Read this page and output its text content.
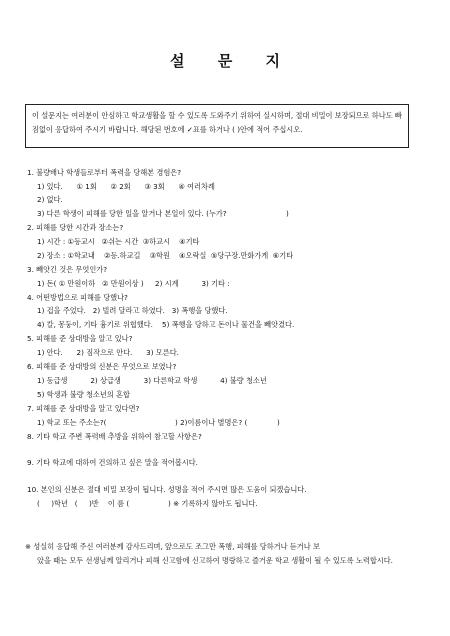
설 문 지
이 설문지는 여러분이 안심하고 학교생활을 할 수 있도록 도와주기 위하여 실시하며, 절대 비밀이 보장되므로 하나도 빠짐없이 응답하여 주시기 바랍니다. 해당된 번호에 ✓표를 하거나 ( )안에 적어 주십시오.
1. 불량배나 학생들로부터 폭력을 당해본 경험은?
1) 있다.      ① 1회      ② 2회      ③ 3회      ④ 여러차례
2) 없다.
3) 다른 학생이 피해를 당한 일을 알거나 본일이 있다. (누가?                          )
2. 피해를 당한 시간과 장소는?
1) 시간 : ①등교시   ②쉬는 시간  ③하교시    ④기타
2) 장소 : ①학교내    ②등.하교길    ③학원    ④오락실  ⑤당구장.만화가게  ⑥기타
3. 빼앗긴 것은 무엇인가?
1) 돈( ① 만원이하   ② 만원이상 )     2) 시계          3) 기타 :
4. 어떤방법으로 피해를 당했나?
1) 겁을 주었다.   2) 빌려 달라고 하였다.   3) 폭행을 당했다.
4) 칼, 몽둥이, 기타 흉기로 위협했다.    5) 폭행을 당하고 돈이나 물건을 빼앗겼다.
5. 피해를 준 상대방을 알고 있나?
1) 안다.      2) 짐작으로 안다.      3) 모른다.
6. 피해를 준 상대방의 신분은 무엇으로 보였나?
1) 동급생          2) 상급생          3) 다른학교 학생          4) 불량 청소년
5) 학생과 불량 청소년의 혼합
7. 피해를 준 상대방을 알고 있다면?
1) 학교 또는 주소는?(                              ) 2)이름이나 별명은? (             )
8. 기타 학교 주변 폭력배 추방을 위하여 참고할 사항은?
9. 기타 학교에 대하여 건의하고 싶은 말을 적어봅시다.
10. 본인의 신분은 절대 비밀 보장이 됩니다. 성명을 적어 주시면 많은 도움이 되겠습니다.
(     )학년   (     )반    이 름 (                 ) ※ 기록하지 않아도 됩니다.
※ 성실히 응답해 주신 여러분께 감사드리며, 앞으로도 조그만 폭행, 피해를 당하거나 듣거나 보
았을 때는 모두 선생님께 알리거나 피해 신고함에 신고하여 명랑하고 즐거운 학교 생활이 될 수 있도록 노력합시다.
